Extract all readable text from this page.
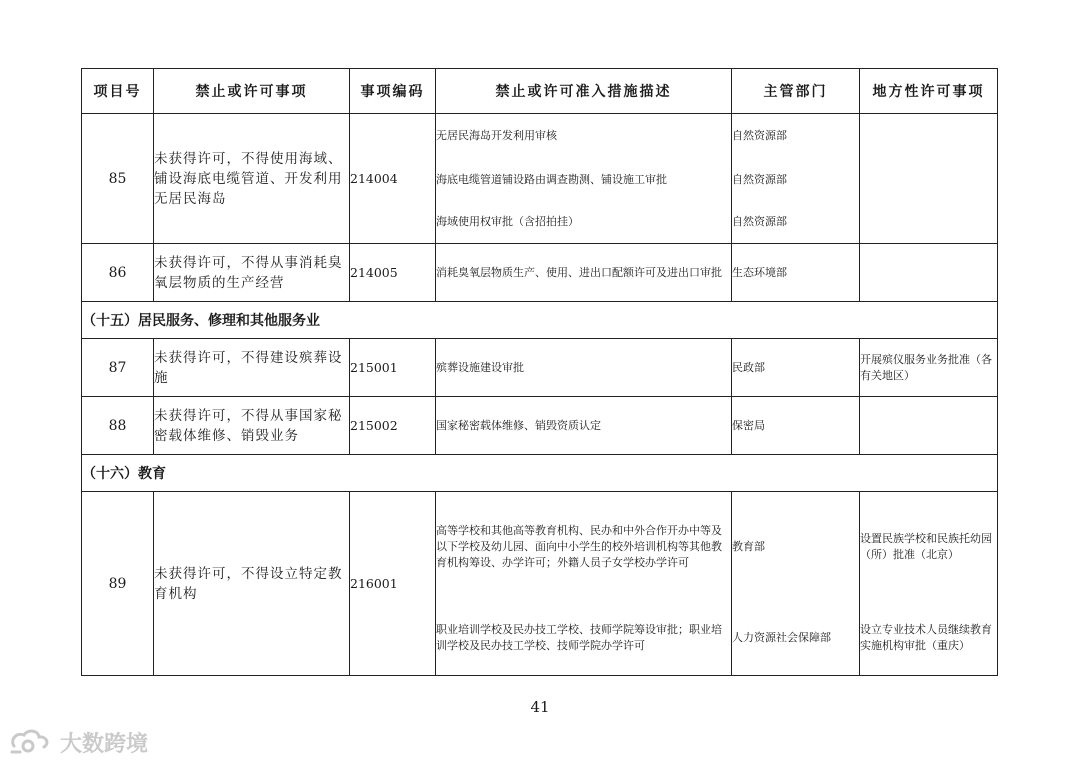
项目号	禁止或许可事项	事项编码	禁止或许可准入措施描述	主管部门	地方性许可事项
85	未获得许可，不得使用海域、铺设海底电缆管道、开发利用无居民海岛	214004	无居民海岛开发利用审核	自然资源部	
			海底电缆管道铺设路由调查勘测、铺设施工审批	自然资源部	
			海域使用权审批（含招拍挂）	自然资源部	
86	未获得许可，不得从事消耗臭氧层物质的生产经营	214005	消耗臭氧层物质生产、使用、进出口配额许可及进出口审批	生态环境部	
（十五）居民服务、修理和其他服务业					
87	未获得许可，不得建设殡葬设施	215001	殡葬设施建设审批	民政部	开展殡仪服务业务批准（各有关地区）
88	未获得许可，不得从事国家秘密载体维修、销毁业务	215002	国家秘密载体维修、销毁资质认定	保密局	
（十六）教育					
89	未获得许可，不得设立特定教育机构	216001	高等学校和其他高等教育机构、民办和中外合作开办中等及以下学校及幼儿园、面向中小学生的校外培训机构等其他教育机构筹设、办学许可；外籍人员子女学校办学许可	教育部	设置民族学校和民族托幼园（所）批准（北京）
			职业培训学校及民办技工学校、技师学院筹设审批；职业培训学校及民办技工学校、技师学院办学许可	人力资源社会保障部	设立专业技术人员继续教育实施机构审批（重庆）
41
大数跨境
